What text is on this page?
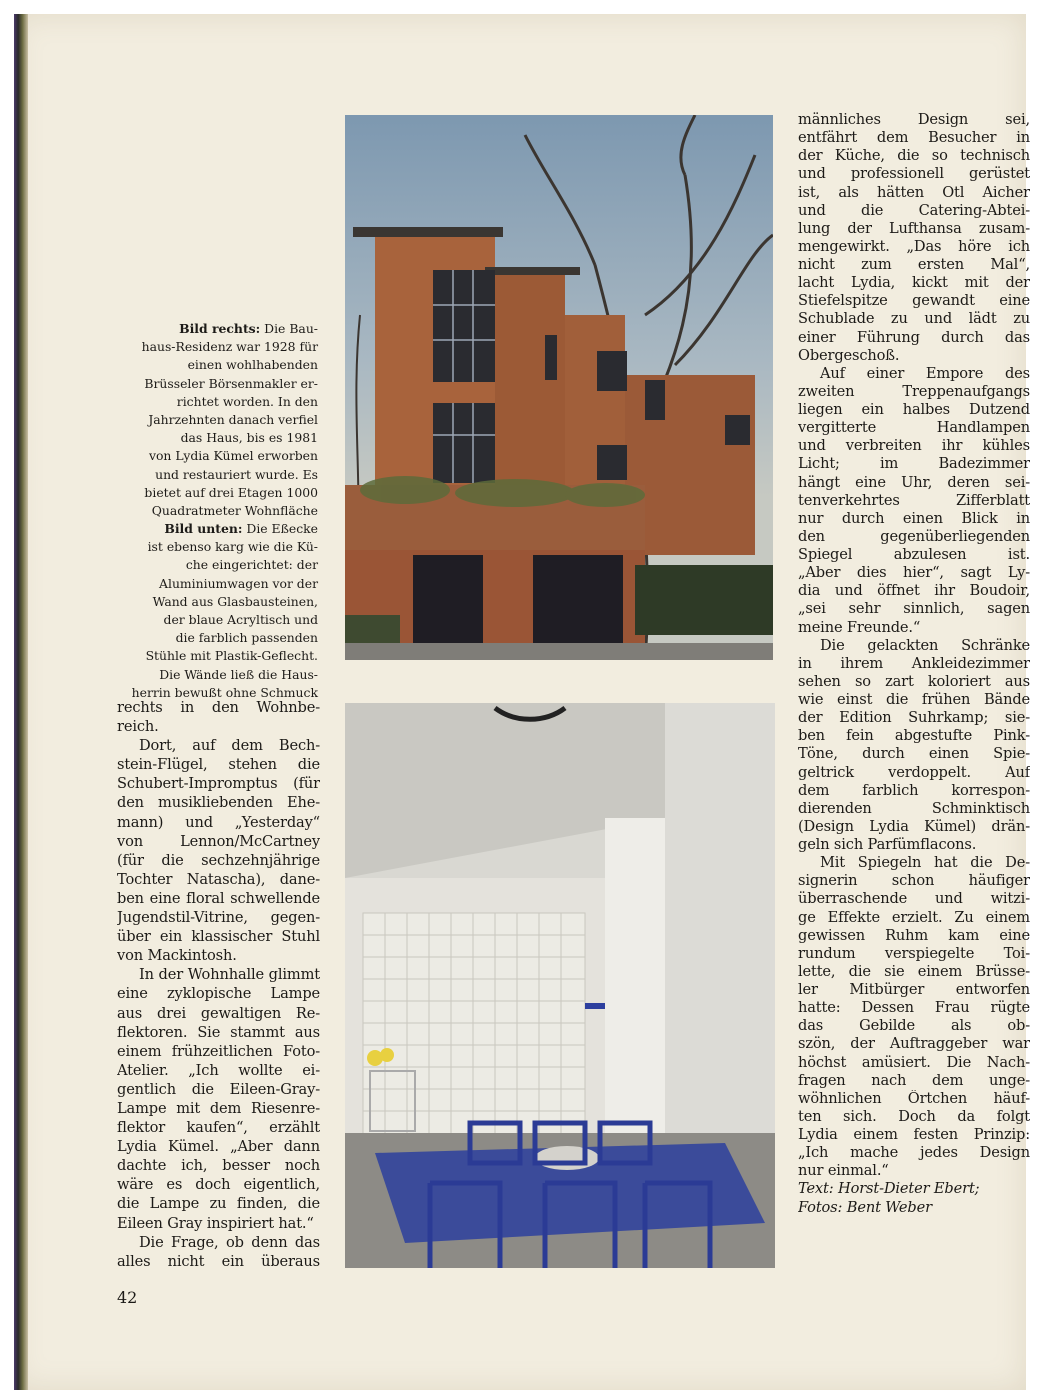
Bild rechts: Die Bau-
haus-Residenz war 1928 für
einen wohlhabenden
Brüsseler Börsenmakler er-
richtet worden. In den
Jahrzehnten danach verfiel
das Haus, bis es 1981
von Lydia Kümel erworben
und restauriert wurde. Es
bietet auf drei Etagen 1000
Quadratmeter Wohnfläche
Bild unten: Die Eßecke
ist ebenso karg wie die Kü-
che eingerichtet: der
Aluminiumwagen vor der
Wand aus Glasbausteinen,
der blaue Acryltisch und
die farblich passenden
Stühle mit Plastik-Geflecht.
Die Wände ließ die Haus-
herrin bewußt ohne Schmuck
rechts in den Wohnbe-
reich.
Dort, auf dem Bech-
stein-Flügel, stehen die
Schubert-Impromptus (für
den musikliebenden Ehe-
mann) und „Yesterday“
von Lennon/McCartney
(für die sechzehnjährige
Tochter Natascha), dane-
ben eine floral schwellende
Jugendstil-Vitrine, gegen-
über ein klassischer Stuhl
von Mackintosh.
In der Wohnhalle glimmt
eine zyklopische Lampe
aus drei gewaltigen Re-
flektoren. Sie stammt aus
einem frühzeitlichen Foto-
Atelier. „Ich wollte ei-
gentlich die Eileen-Gray-
Lampe mit dem Riesenre-
flektor kaufen“, erzählt
Lydia Kümel. „Aber dann
dachte ich, besser noch
wäre es doch eigentlich,
die Lampe zu finden, die
Eileen Gray inspiriert hat.“
Die Frage, ob denn das
alles nicht ein überaus
männliches Design sei,
entfährt dem Besucher in
der Küche, die so technisch
und professionell gerüstet
ist, als hätten Otl Aicher
und die Catering-Abtei-
lung der Lufthansa zusam-
mengewirkt. „Das höre ich
nicht zum ersten Mal“,
lacht Lydia, kickt mit der
Stiefelspitze gewandt eine
Schublade zu und lädt zu
einer Führung durch das
Obergeschoß.
Auf einer Empore des
zweiten Treppenaufgangs
liegen ein halbes Dutzend
vergitterte Handlampen
und verbreiten ihr kühles
Licht; im Badezimmer
hängt eine Uhr, deren sei-
tenverkehrtes Zifferblatt
nur durch einen Blick in
den gegenüberliegenden
Spiegel abzulesen ist.
„Aber dies hier“, sagt Ly-
dia und öffnet ihr Boudoir,
„sei sehr sinnlich, sagen
meine Freunde.“
Die gelackten Schränke
in ihrem Ankleidezimmer
sehen so zart koloriert aus
wie einst die frühen Bände
der Edition Suhrkamp; sie-
ben fein abgestufte Pink-
Töne, durch einen Spie-
geltrick verdoppelt. Auf
dem farblich korrespon-
dierenden Schminktisch
(Design Lydia Kümel) drän-
geln sich Parfümflacons.
Mit Spiegeln hat die De-
signerin schon häufiger
überraschende und witzi-
ge Effekte erzielt. Zu einem
gewissen Ruhm kam eine
rundum verspiegelte Toi-
lette, die sie einem Brüsse-
ler Mitbürger entworfen
hatte: Dessen Frau rügte
das Gebilde als ob-
szön, der Auftraggeber war
höchst amüsiert. Die Nach-
fragen nach dem unge-
wöhnlichen Örtchen häuf-
ten sich. Doch da folgt
Lydia einem festen Prinzip:
„Ich mache jedes Design
nur einmal.“
Text: Horst-Dieter Ebert;
Fotos: Bent Weber
42
